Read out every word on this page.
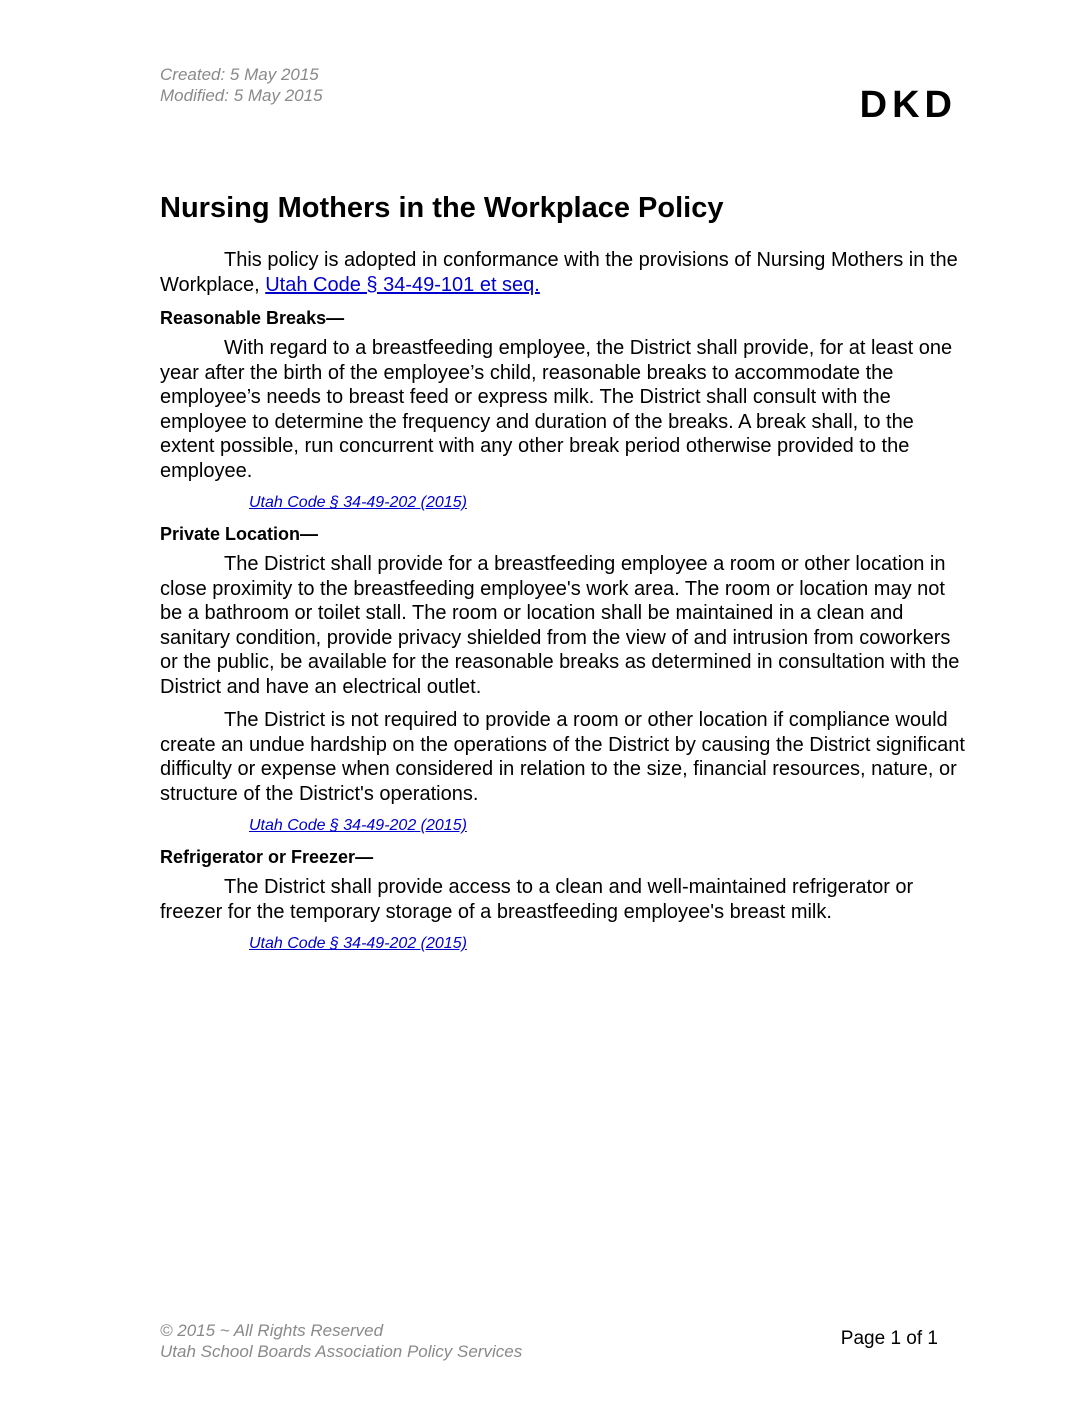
Created: 5 May 2015
Modified: 5 May 2015	DKD
Nursing Mothers in the Workplace Policy

This policy is adopted in conformance with the provisions of Nursing Mothers in the Workplace, Utah Code § 34-49-101 et seq.

Reasonable Breaks—

With regard to a breastfeeding employee, the District shall provide, for at least one year after the birth of the employee’s child, reasonable breaks to accommodate the employee’s needs to breast feed or express milk. The District shall consult with the employee to determine the frequency and duration of the breaks. A break shall, to the extent possible, run concurrent with any other break period otherwise provided to the employee.

Utah Code § 34-49-202 (2015)
Private Location—

The District shall provide for a breastfeeding employee a room or other location in close proximity to the breastfeeding employee's work area. The room or location may not be a bathroom or toilet stall. The room or location shall be maintained in a clean and sanitary condition, provide privacy shielded from the view of and intrusion from coworkers or the public, be available for the reasonable breaks as determined in consultation with the District and have an electrical outlet.

The District is not required to provide a room or other location if compliance would create an undue hardship on the operations of the District by causing the District significant difficulty or expense when considered in relation to the size, financial resources, nature, or structure of the District's operations.

Utah Code § 34-49-202 (2015)
Refrigerator or Freezer—

The District shall provide access to a clean and well-maintained refrigerator or freezer for the temporary storage of a breastfeeding employee's breast milk.

Utah Code § 34-49-202 (2015)
© 2015 ~ All Rights Reserved
Utah School Boards Association Policy Services
Page 1 of 1
